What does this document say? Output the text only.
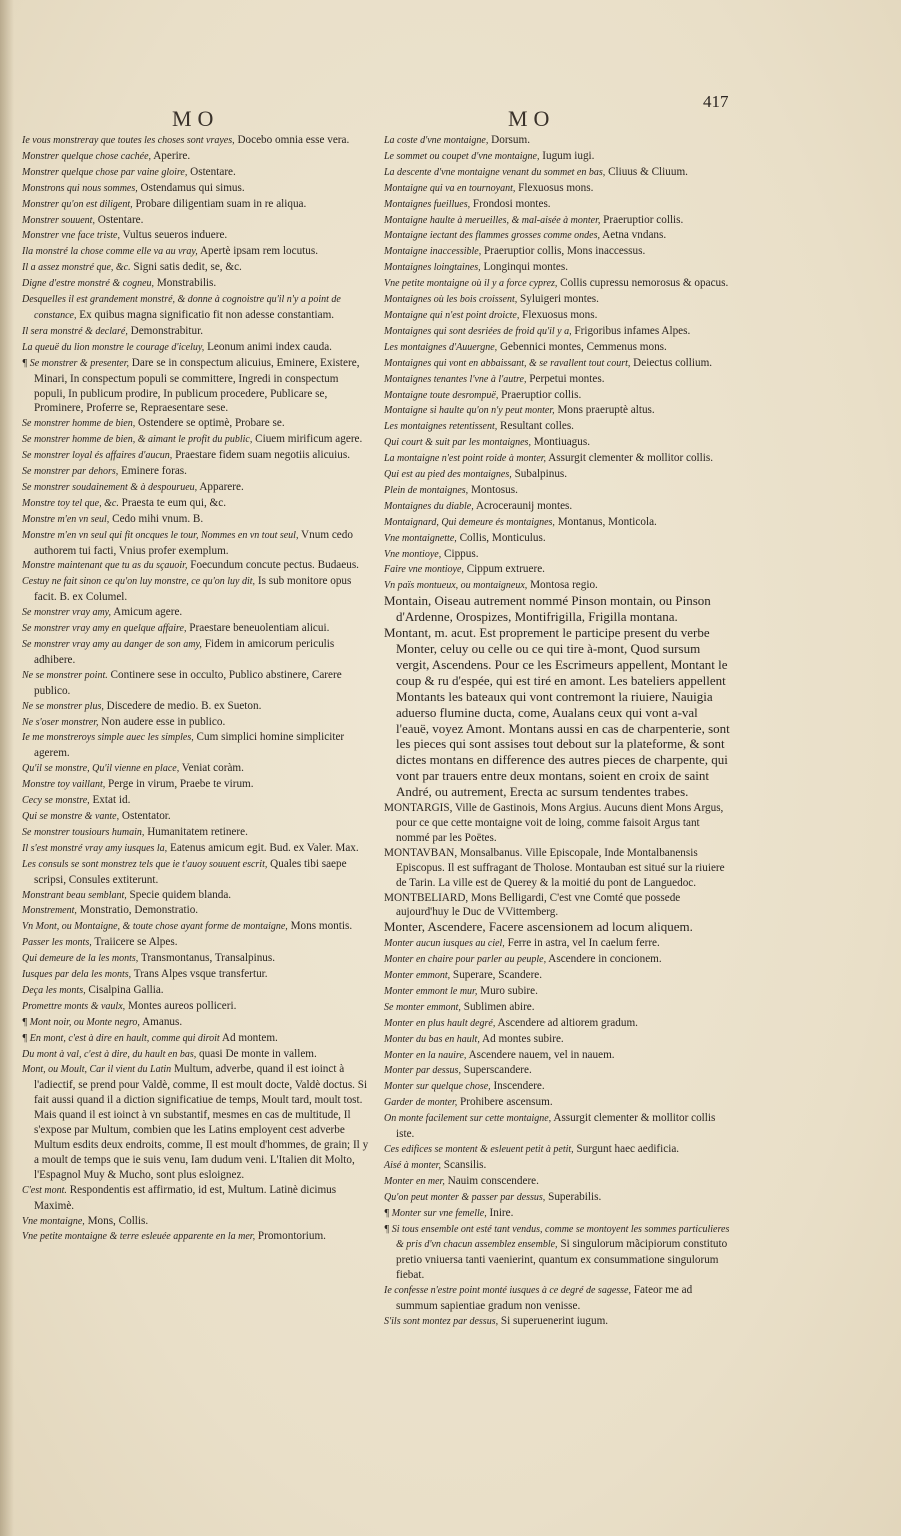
MO	MO
417

Ie vous monstreray que toutes les choses sont vrayes, Docebo omnia esse vera.

Monstrer quelque chose cachée, Aperire.

Monstrer quelque chose par vaine gloire, Ostentare.

Monstrons qui nous sommes, Ostendamus qui simus.

Monstrer qu'on est diligent, Probare diligentiam suam in re aliqua.

Monstrer souuent, Ostentare.

Monstrer vne face triste, Vultus seueros induere.

Ila monstré la chose comme elle va au vray, Apertè ipsam rem locutus.

Il a assez monstré que, &c. Signi satis dedit, se, &c.

Digne d'estre monstré & cogneu, Monstrabilis.

Desquelles il est grandement monstré, & donne à cognoistre qu'il n'y a point de constance, Ex quibus magna significatio fit non adesse constantiam.

Il sera monstré & declaré, Demonstrabitur.

La queuë du lion monstre le courage d'iceluy, Leonum animi index cauda.

¶ Se monstrer & presenter, Dare se in conspectum alicuius, Eminere, Existere, Minari, In conspectum populi se committere, Ingredi in conspectum populi, In publicum prodire, In publicum procedere, Publicare se, Prominere, Proferre se, Repraesentare sese.

Se monstrer homme de bien, Ostendere se optimè, Probare se.

Se monstrer homme de bien, & aimant le profit du public, Ciuem mirificum agere.

Se monstrer loyal és affaires d'aucun, Praestare fidem suam negotiis alicuius.

Se monstrer par dehors, Eminere foras.

Se monstrer soudainement & à despourueu, Apparere.

Monstre toy tel que, &c. Praesta te eum qui, &c.

Monstre m'en vn seul, Cedo mihi vnum. B.

Monstre m'en vn seul qui fit oncques le tour, Nommes en vn tout seul, Vnum cedo authorem tui facti, Vnius profer exemplum.

Monstre maintenant que tu as du sçauoir, Foecundum concute pectus. Budaeus.

Cestuy ne fait sinon ce qu'on luy monstre, ce qu'on luy dit, Is sub monitore opus facit. B. ex Columel.

Se monstrer vray amy, Amicum agere.

Se monstrer vray amy en quelque affaire, Praestare beneuolentiam alicui.

Se monstrer vray amy au danger de son amy, Fidem in amicorum periculis adhibere.

Ne se monstrer point. Continere sese in occulto, Publico abstinere, Carere publico.

Ne se monstrer plus, Discedere de medio. B. ex Sueton.

Ne s'oser monstrer, Non audere esse in publico.

Ie me monstreroys simple auec les simples, Cum simplici homine simpliciter agerem.

Qu'il se monstre, Qu'il vienne en place, Veniat coràm.

Monstre toy vaillant, Perge in virum, Praebe te virum.

Cecy se monstre, Extat id.

Qui se monstre & vante, Ostentator.

Se monstrer tousiours humain, Humanitatem retinere.

Il s'est monstré vray amy iusques la, Eatenus amicum egit. Bud. ex Valer. Max.

Les consuls se sont monstrez tels que ie t'auoy souuent escrit, Quales tibi saepe scripsi, Consules extiterunt.

Monstrant beau semblant, Specie quidem blanda.

Monstrement, Monstratio, Demonstratio.

Vn Mont, ou Montaigne, & toute chose ayant forme de montaigne, Mons montis.

Passer les monts, Traiicere se Alpes.

Qui demeure de la les monts, Transmontanus, Transalpinus.

Iusques par dela les monts, Trans Alpes vsque transfertur.

Deça les monts, Cisalpina Gallia.

Promettre monts & vaulx, Montes aureos polliceri.

¶ Mont noir, ou Monte negro, Amanus.

¶ En mont, c'est à dire en hault, comme qui diroit Ad montem.

Du mont à val, c'est à dire, du hault en bas, quasi De monte in vallem.

Mont, ou Moult, Car il vient du Latin Multum, adverbe, quand il est ioinct à l'adiectif, se prend pour Valdè, comme, Il est moult docte, Valdè doctus. Si fait aussi quand il a diction significatiue de temps, Moult tard, moult tost. Mais quand il est ioinct à vn substantif, mesmes en cas de multitude, Il s'expose par Multum, combien que les Latins employent cest adverbe Multum esdits deux endroits, comme, Il est moult d'hommes, de grain; Il y a moult de temps que ie suis venu, Iam dudum veni. L'Italien dit Molto, l'Espagnol Muy & Mucho, sont plus esloignez.

C'est mont. Respondentis est affirmatio, id est, Multum. Latinè dicimus Maximè.

Vne montaigne, Mons, Collis.

Vne petite montaigne & terre esleuée apparente en la mer, Promontorium.

La coste d'vne montaigne, Dorsum.

Le sommet ou coupet d'vne montaigne, Iugum iugi.

La descente d'vne montaigne venant du sommet en bas, Cliuus & Cliuum.

Montaigne qui va en tournoyant, Flexuosus mons.

Montaignes fueillues, Frondosi montes.

Montaigne haulte à merueilles, & mal-aisée à monter, Praeruptior collis.

Montaigne iectant des flammes grosses comme ondes, Aetna vndans.

Montaigne inaccessible, Praeruptior collis, Mons inaccessus.

Montaignes loingtaines, Longinqui montes.

Vne petite montaigne où il y a force cyprez, Collis cupressu nemorosus & opacus.

Montaignes où les bois croissent, Syluigeri montes.

Montaigne qui n'est point droicte, Flexuosus mons.

Montaignes qui sont desriées de froid qu'il y a, Frigoribus infames Alpes.

Les montaignes d'Auuergne, Gebennici montes, Cemmenus mons.

Montaignes qui vont en abbaissant, & se ravallent tout court, Deiectus collium.

Montaignes tenantes l'vne à l'autre, Perpetui montes.

Montaigne toute desrompuë, Praeruptior collis.

Montaigne si haulte qu'on n'y peut monter, Mons praeruptè altus.

Les montaignes retentissent, Resultant colles.

Qui court & suit par les montaignes, Montiuagus.

La montaigne n'est point roide à monter, Assurgit clementer & mollitor collis.

Qui est au pied des montaignes, Subalpinus.

Plein de montaignes, Montosus.

Montaignes du diable, Acroceraunij montes.

Montaignard, Qui demeure és montaignes, Montanus, Monticola.

Vne montaignette, Collis, Monticulus.

Vne montioye, Cippus.

Faire vne montioye, Cippum extruere.

Vn païs montueux, ou montaigneux, Montosa regio.

Montain, Oiseau autrement nommé Pinson montain, ou Pinson d'Ardenne, Orospizes, Montifrigilla, Frigilla montana.

Montant, m. acut. Est proprement le participe present du verbe Monter, celuy ou celle ou ce qui tire à-mont, Quod sursum vergit, Ascendens. Pour ce les Escrimeurs appellent, Montant le coup & ru d'espée, qui est tiré en amont. Les bateliers appellent Montants les bateaux qui vont contremont la riuiere, Nauigia aduerso flumine ducta, come, Aualans ceux qui vont a-val l'eauë, voyez Amont. Montans aussi en cas de charpenterie, sont les pieces qui sont assises tout debout sur la plateforme, & sont dictes montans en difference des autres pieces de charpente, qui vont par trauers entre deux montans, soient en croix de saint André, ou autrement, Erecta ac sursum tendentes trabes.

MONTARGIS, Ville de Gastinois, Mons Argius. Aucuns dient Mons Argus, pour ce que cette montaigne voit de loing, comme faisoit Argus tant nommé par les Poëtes.

MONTAVBAN, Monsalbanus. Ville Episcopale, Inde Montalbanensis Episcopus. Il est suffragant de Tholose. Montauban est situé sur la riuiere de Tarin. La ville est de Querey & la moitié du pont de Languedoc.

MONTBELIARD, Mons Belligardi, C'est vne Comté que possede aujourd'huy le Duc de VVittemberg.

Monter, Ascendere, Facere ascensionem ad locum aliquem.

Monter aucun iusques au ciel, Ferre in astra, vel In caelum ferre.

Monter en chaire pour parler au peuple, Ascendere in concionem.

Monter emmont, Superare, Scandere.

Monter emmont le mur, Muro subire.

Se monter emmont, Sublimen abire.

Monter en plus hault degré, Ascendere ad altiorem gradum.

Monter du bas en hault, Ad montes subire.

Monter en la nauire, Ascendere nauem, vel in nauem.

Monter par dessus, Superscandere.

Monter sur quelque chose, Inscendere.

Garder de monter, Prohibere ascensum.

On monte facilement sur cette montaigne, Assurgit clementer & mollitor collis iste.

Ces edifices se montent & esleuent petit à petit, Surgunt haec aedificia.

Aisé à monter, Scansilis.

Monter en mer, Nauim conscendere.

Qu'on peut monter & passer par dessus, Superabilis.

¶ Monter sur vne femelle, Inire.

¶ Si tous ensemble ont esté tant vendus, comme se montoyent les sommes particulieres & pris d'vn chacun assemblez ensemble, Si singulorum mãcipiorum constituto pretio vniuersa tanti vaenierint, quantum ex consummatione singulorum fiebat.

Ie confesse n'estre point monté iusques à ce degré de sagesse, Fateor me ad summum sapientiae gradum non venisse.

S'ils sont montez par dessus, Si superuenerint iugum.
